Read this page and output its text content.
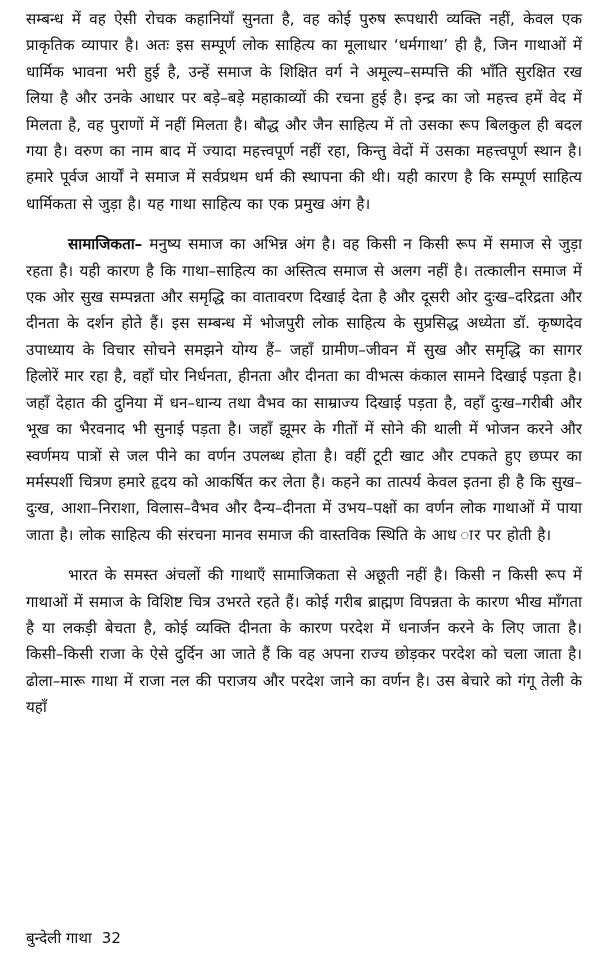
सम्बन्ध में वह ऐसी रोचक कहानियाँ सुनता है, वह कोई पुरुष रूपधारी व्यक्ति नहीं, केवल एक प्राकृतिक व्यापार है। अतः इस सम्पूर्ण लोक साहित्य का मूलाधार ‘धर्मगाथा’ ही है, जिन गाथाओं में धार्मिक भावना भरी हुई है, उन्हें समाज के शिक्षित वर्ग ने अमूल्य–सम्पत्ति की भाँति सुरक्षित रख लिया है और उनके आधार पर बड़े–बड़े महाकाव्यों की रचना हुई है। इन्द्र का जो महत्त्व हमें वेद में मिलता है, वह पुराणों में नहीं मिलता है। बौद्ध और जैन साहित्य में तो उसका रूप बिलकुल ही बदल गया है। वरुण का नाम बाद में ज्यादा महत्त्वपूर्ण नहीं रहा, किन्तु वेदों में उसका महत्त्वपूर्ण स्थान है। हमारे पूर्वज आर्यों ने समाज में सर्वप्रथम धर्म की स्थापना की थी। यही कारण है कि सम्पूर्ण साहित्य धार्मिकता से जुड़ा है। यह गाथा साहित्य का एक प्रमुख अंग है।

सामाजिकता– मनुष्य समाज का अभिन्न अंग है। वह किसी न किसी रूप में समाज से जुड़ा रहता है। यही कारण है कि गाथा–साहित्य का अस्तित्व समाज से अलग नहीं है। तत्कालीन समाज में एक ओर सुख सम्पन्नता और समृद्धि का वातावरण दिखाई देता है और दूसरी ओर दुःख–दरिद्रता और दीनता के दर्शन होते हैं। इस सम्बन्ध में भोजपुरी लोक साहित्य के सुप्रसिद्ध अध्येता डॉ. कृष्णदेव उपाध्याय के विचार सोचने समझने योग्य हैं– जहाँ ग्रामीण–जीवन में सुख और समृद्धि का सागर हिलोरें मार रहा है, वहाँ घोर निर्धनता, हीनता और दीनता का वीभत्स कंकाल सामने दिखाई पड़ता है। जहाँ देहात की दुनिया में धन–धान्य तथा वैभव का साम्राज्य दिखाई पड़ता है, वहाँ दुःख–गरीबी और भूख का भैरवनाद भी सुनाई पड़ता है। जहाँ झूमर के गीतों में सोने की थाली में भोजन करने और स्वर्णमय पात्रों से जल पीने का वर्णन उपलब्ध होता है। वहीं टूटी खाट और टपकते हुए छप्पर का मर्मस्पर्शी चित्रण हमारे हृदय को आकर्षित कर लेता है। कहने का तात्पर्य केवल इतना ही है कि सुख–दुःख, आशा–निराशा, विलास–वैभव और दैन्य–दीनता में उभय–पक्षों का वर्णन लोक गाथाओं में पाया जाता है। लोक साहित्य की संरचना मानव समाज की वास्तविक स्थिति के आध ार पर होती है।

भारत के समस्त अंचलों की गाथाएँ सामाजिकता से अछूती नहीं है। किसी न किसी रूप में गाथाओं में समाज के विशिष्ट चित्र उभरते रहते हैं। कोई गरीब ब्राह्मण विपन्नता के कारण भीख माँगता है या लकड़ी बेचता है, कोई व्यक्ति दीनता के कारण परदेश में धनार्जन करने के लिए जाता है। किसी–किसी राजा के ऐसे दुर्दिन आ जाते हैं कि वह अपना राज्य छोड़कर परदेश को चला जाता है। ढोला–मारू गाथा में राजा नल की पराजय और परदेश जाने का वर्णन है। उस बेचारे को गंगू तेली के यहाँ

बुन्देली गाथा 32
